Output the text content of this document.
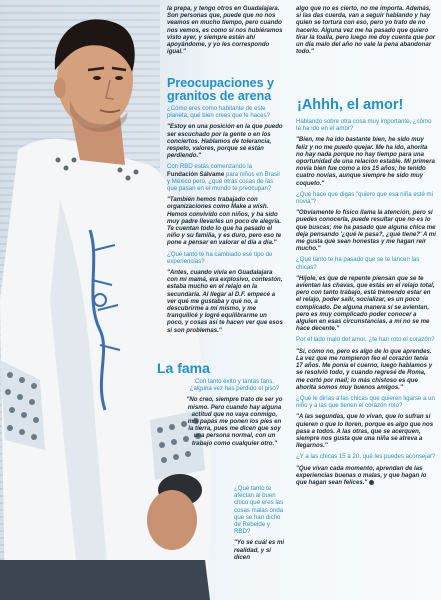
la prepa, y tengo otros en Guadalajara. Son personas que, puede que no nos veamos en mucho tiempo, pero cuando nos vemos, es como si nos hubiéramos visto ayer, y siempre están ahí apoyándome, y yo les correspondo igual."

Preocupaciones y granitos de arena

¿Cómo eres como habitante de este planeta, qué bien crees que le haces?

"Estoy en una posición en la que puedo ser escuchado por la gente o en los conciertos. Hablamos de tolerancia, respeto, valores, porque se están perdiendo."

Con RBD estás comenzando la Fundación Sálvame para niños en Brasil y México pero, ¿qué otras cosas de las que pasan en el mundo te preocupan?

"También hemos trabajado con organizaciones como Make a wish. Hemos convivido con niños, y ha sido muy padre llevarles un poco de alegría. Te cuentan todo lo que ha pasado el niño y su familia, y es duro, pero eso te pone a pensar en valorar el día a día."

¿Qué tanto te ha cambiado ese tipo de experiencias?

"Antes, cuando vivía en Guadalajara con mi mamá, era explosivo, contestón, estaba mucho en el relajo en la secundaria. Al llegar al D.F. empecé a ver qué me gustaba y qué no, a descubrirme a mí mismo, y me tranquilicé y logré equilibrarme un poco, y cosas así te hacen ver que esos sí son problemas."

La fama

Con tanto éxito y tantas fans, ¿alguna vez has perdido el piso?

"No creo, siempre trato de ser yo mismo. Pero cuando hay alguna actitud que no vaya conmigo, mis papás me ponen los pies en la tierra, pues me dicen que soy una persona normal, con un trabajo como cualquier otro."

¿Qué tanto te afectan al buen chico que eres las cosas malas onda que se han dicho de Rebelde y RBD?

"Yo sé cuál es mi realidad, y sí dicen

algo que no es cierto, no me importa. Además, si las das cuerda, van a seguir hablando y hay quien se tortura con eso, pero yo trato de no hacerlo. Alguna vez me ha pasado que quiero tirar la toalla, pero luego me doy cuenta que por un día malo del año no vale la pena abandonar todo."

¡Ahhh, el amor!

Hablando sobre otra cosa muy importante, ¿cómo te ha ido en el amor?

"Bien, me ha ido bastante bien, he sido muy feliz y no me puedo quejar. Me ha ido, ahorita no hay nada porque no hay tiempo para una oportunidad de una relación estable. Mi primera novia bien fue como a los 15 años; he tenido cuatro novias, aunque siempre he sido muy coqueto."

¿Qué hace que digas "quiero que esa niña esté mi novia"?

"Obviamente lo físico llama la atención, pero si puedes conocerla, puede resultar que no es lo que buscas; me ha pasado que alguna chica me deja pensando '¿qué le pasa?, ¿qué tiene?' A mí me gusta que sean honestas y me hagan reír mucho."

¿Qué tanto te ha pasado que se te lancen las chicas?

"Híjole, es que de repente piensan que se te avientan las chavas, que estás en el relajo total, pero con tanto trabajo, está tremendo estar en el relajo, poder salir, socializar, es un poco complicado. De alguna manera sí se avientan, pero es muy complicado poder conocer a alguien en esas circunstancias, a mí no se me hace decente."

Por el lado malo del amor, ¿te han roto el corazón?

"Sí, cómo no, pero es algo de lo que aprendes. La vez que me rompieron feo el corazón tenía 17 años. Me ponía el cuerno, luego hablamos y se resolvió todo, y cuando regresé de Roma, me cortó por mail; lo más chistoso es que ahorita somos muy buenos amigos."

¿Qué le dirías a las chicas que quieren ligarse a un niño y a las que tienen el corazón roto?

"A las segundas, que lo vivan, que lo sufran si quieren o que lo lloren, porque es algo que nos pasa a todos. A las otras, que se acerquen, siempre nos gusta que una niña se atreva a llegarnos."

¿Y a las chicas 15 a 20, qué les puedes aconsejar?

"Que vivan cada momento, aprendan de las experiencias buenas o malas, y que hagan lo que hagan sean felices."
